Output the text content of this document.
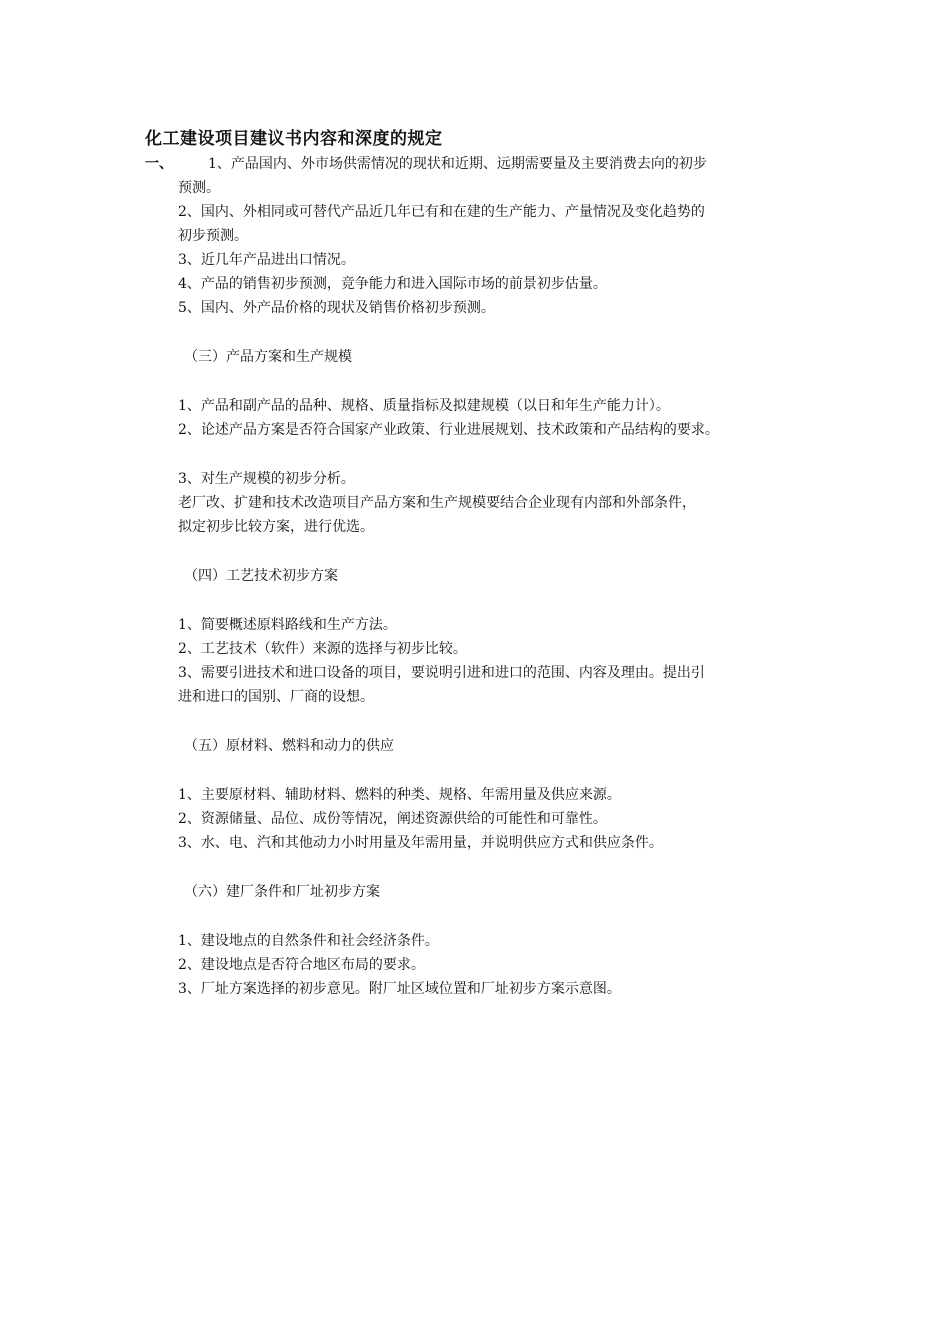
化工建设项目建议书内容和深度的规定
一、	1、产品国内、外市场供需情况的现状和近期、远期需要量及主要消费去向的初步
预测。
2、国内、外相同或可替代产品近几年已有和在建的生产能力、产量情况及变化趋势的
初步预测。
3、近几年产品进出口情况。
4、产品的销售初步预测，竞争能力和进入国际市场的前景初步估量。
5、国内、外产品价格的现状及销售价格初步预测。
（三）产品方案和生产规模
1、产品和副产品的品种、规格、质量指标及拟建规模（以日和年生产能力计）。
2、论述产品方案是否符合国家产业政策、行业进展规划、技术政策和产品结构的要求。
3、对生产规模的初步分析。
老厂改、扩建和技术改造项目产品方案和生产规模要结合企业现有内部和外部条件，
拟定初步比较方案，进行优选。
（四）工艺技术初步方案
1、简要概述原料路线和生产方法。
2、工艺技术（软件）来源的选择与初步比较。
3、需要引进技术和进口设备的项目，要说明引进和进口的范围、内容及理由。提出引
进和进口的国别、厂商的设想。
（五）原材料、燃料和动力的供应
1、主要原材料、辅助材料、燃料的种类、规格、年需用量及供应来源。
2、资源储量、品位、成份等情况，阐述资源供给的可能性和可靠性。
3、水、电、汽和其他动力小时用量及年需用量，并说明供应方式和供应条件。
（六）建厂条件和厂址初步方案
1、建设地点的自然条件和社会经济条件。
2、建设地点是否符合地区布局的要求。
3、厂址方案选择的初步意见。附厂址区域位置和厂址初步方案示意图。
